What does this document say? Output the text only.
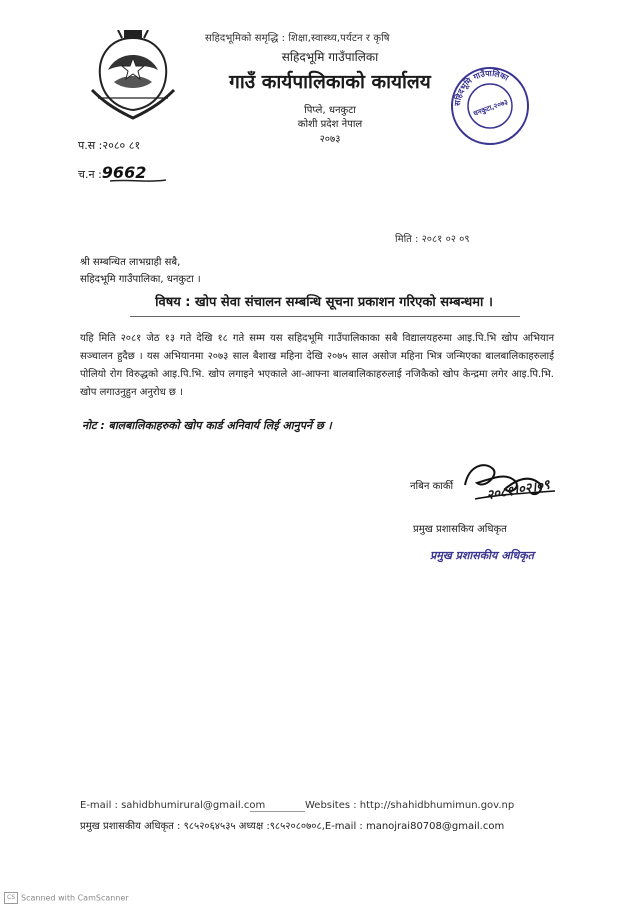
सहिदभूमिको समृद्धि : शिक्षा,स्वास्थ्य,पर्यटन र कृषि
सहिदभूमि गाउँपालिका
गाउँ कार्यपालिकाको कार्यालय
पिप्ले, धनकुटा
कोशी प्रदेश नेपाल
२०७३
सहिदभूमि गाउँपालिका
धनकुटा,२०७३
प.स :२०८० ८१
च.न :9662
मिति : २०८१ ०२ ०९
श्री सम्बन्धित लाभग्राही सबै,
सहिदभूमि गाउँपालिका, धनकुटा ।
विषय : खोप सेवा संचालन सम्बन्धि सूचना प्रकाशन गरिएको सम्बन्धमा ।
यहि मिति २०८१ जेठ १३ गते देखि १८ गते सम्म यस सहिदभूमि गाउँपालिकाका सबै विद्यालयहरुमा आइ.पि.भि खोप अभियान सञ्चालन हुदैछ । यस अभियानमा २०७३ साल बैशाख महिना देखि २०७५ साल असोज महिना भित्र जन्मिएका बालबालिकाहरुलाई पोलियो रोग विरुद्धको आइ.पि.भि. खोप लगाइने भएकाले आ-आफ्ना बालबालिकाहरुलाई नजिकैको खोप केन्द्रमा लगेर आइ.पि.भि. खोप लगाउनुहुन अनुरोध छ ।
नोट : बालबालिकाहरुको खोप कार्ड अनिवार्य लिई आनुपर्ने छ ।
नबिन कार्की २०८१।०२।०९
प्रमुख प्रशासकिय अधिकृत
प्रमुख प्रशासकीय अधिकृत
E-mail : sahidbhumirural@gmail.com	Websites : http://shahidbhumimun.gov.np
प्रमुख प्रशासकीय अधिकृत : ९८५२०६४५३५ अध्यक्ष :९८५२०८०७०८,E-mail : manojrai80708@gmail.com
CS Scanned with CamScanner
